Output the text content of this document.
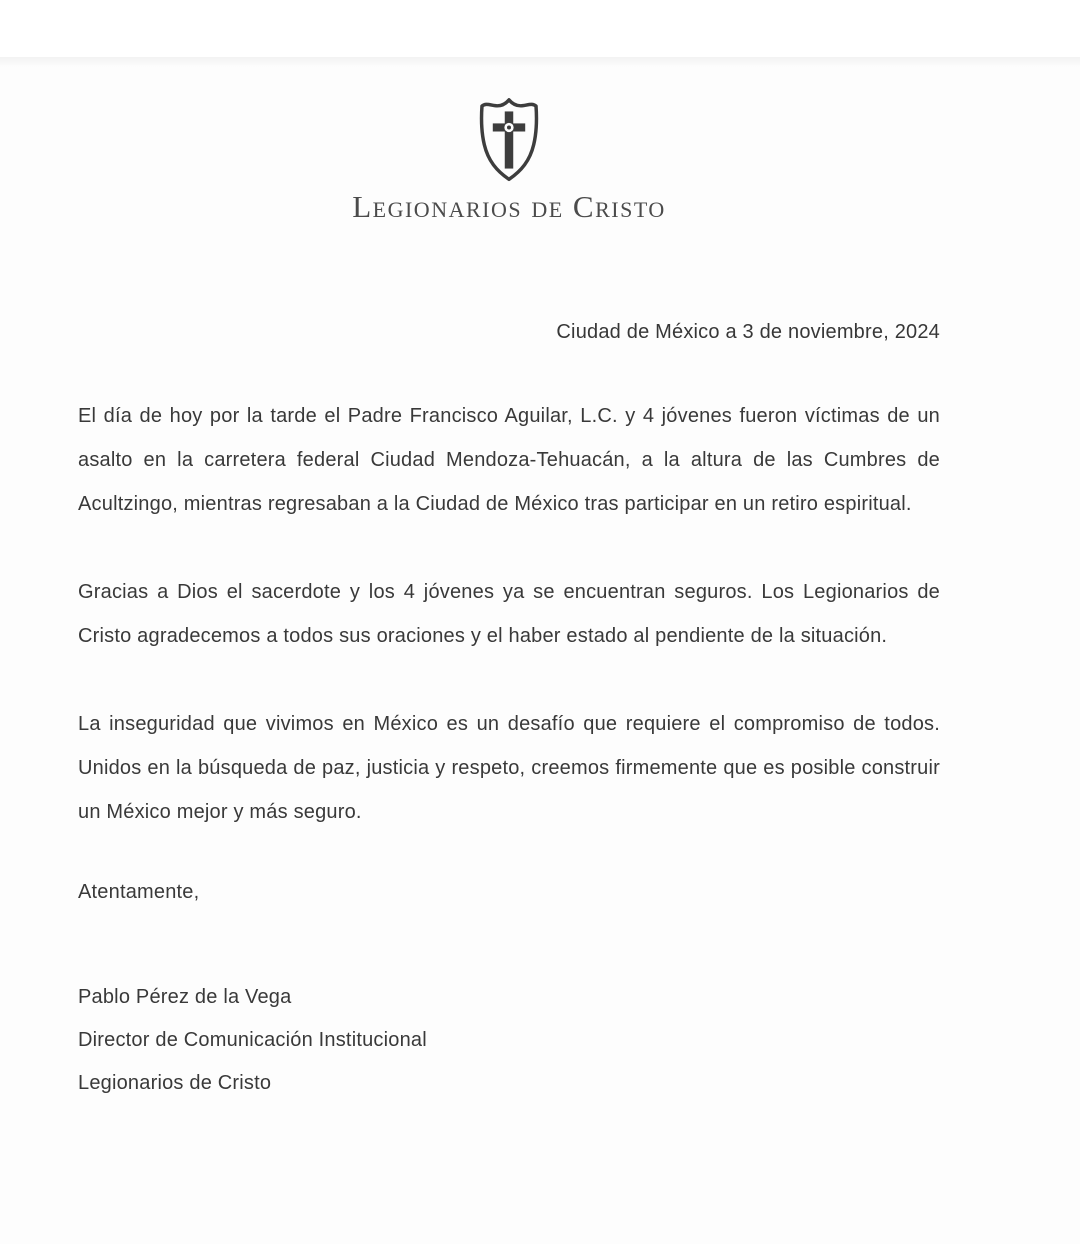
Legionarios de Cristo
Ciudad de México a 3 de noviembre, 2024

El día de hoy por la tarde el Padre Francisco Aguilar, L.C. y 4 jóvenes fueron víctimas de un asalto en la carretera federal Ciudad Mendoza-Tehuacán, a la altura de las Cumbres de Acultzingo, mientras regresaban a la Ciudad de México tras participar en un retiro espiritual.

Gracias a Dios el sacerdote y los 4 jóvenes ya se encuentran seguros. Los Legionarios de Cristo agradecemos a todos sus oraciones y el haber estado al pendiente de la situación.

La inseguridad que vivimos en México es un desafío que requiere el compromiso de todos. Unidos en la búsqueda de paz, justicia y respeto, creemos firmemente que es posible construir un México mejor y más seguro.

Atentamente,

Pablo Pérez de la Vega

Director de Comunicación Institucional

Legionarios de Cristo
